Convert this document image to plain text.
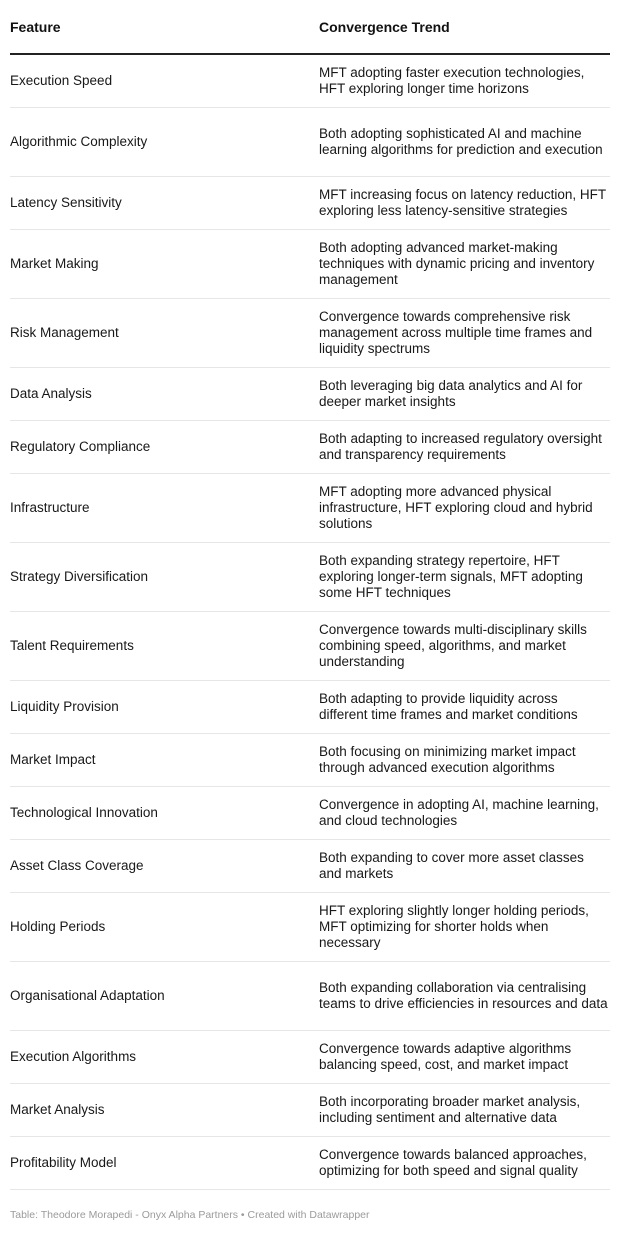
Feature	Convergence Trend
Execution Speed	MFT adopting faster execution technologies, HFT exploring longer time horizons
Algorithmic Complexity	Both adopting sophisticated AI and machine learning algorithms for prediction and execution
Latency Sensitivity	MFT increasing focus on latency reduction, HFT exploring less latency-sensitive strategies
Market Making	Both adopting advanced market-making techniques with dynamic pricing and inventory management
Risk Management	Convergence towards comprehensive risk management across multiple time frames and liquidity spectrums
Data Analysis	Both leveraging big data analytics and AI for deeper market insights
Regulatory Compliance	Both adapting to increased regulatory oversight and transparency requirements
Infrastructure	MFT adopting more advanced physical infrastructure, HFT exploring cloud and hybrid solutions
Strategy Diversification	Both expanding strategy repertoire, HFT exploring longer-term signals, MFT adopting some HFT techniques
Talent Requirements	Convergence towards multi-disciplinary skills combining speed, algorithms, and market understanding
Liquidity Provision	Both adapting to provide liquidity across different time frames and market conditions
Market Impact	Both focusing on minimizing market impact through advanced execution algorithms
Technological Innovation	Convergence in adopting AI, machine learning, and cloud technologies
Asset Class Coverage	Both expanding to cover more asset classes and markets
Holding Periods	HFT exploring slightly longer holding periods, MFT optimizing for shorter holds when necessary
Organisational Adaptation	Both expanding collaboration via centralising teams to drive efficiencies in resources and data
Execution Algorithms	Convergence towards adaptive algorithms balancing speed, cost, and market impact
Market Analysis	Both incorporating broader market analysis, including sentiment and alternative data
Profitability Model	Convergence towards balanced approaches, optimizing for both speed and signal quality
Table: Theodore Morapedi - Onyx Alpha Partners • Created with Datawrapper
